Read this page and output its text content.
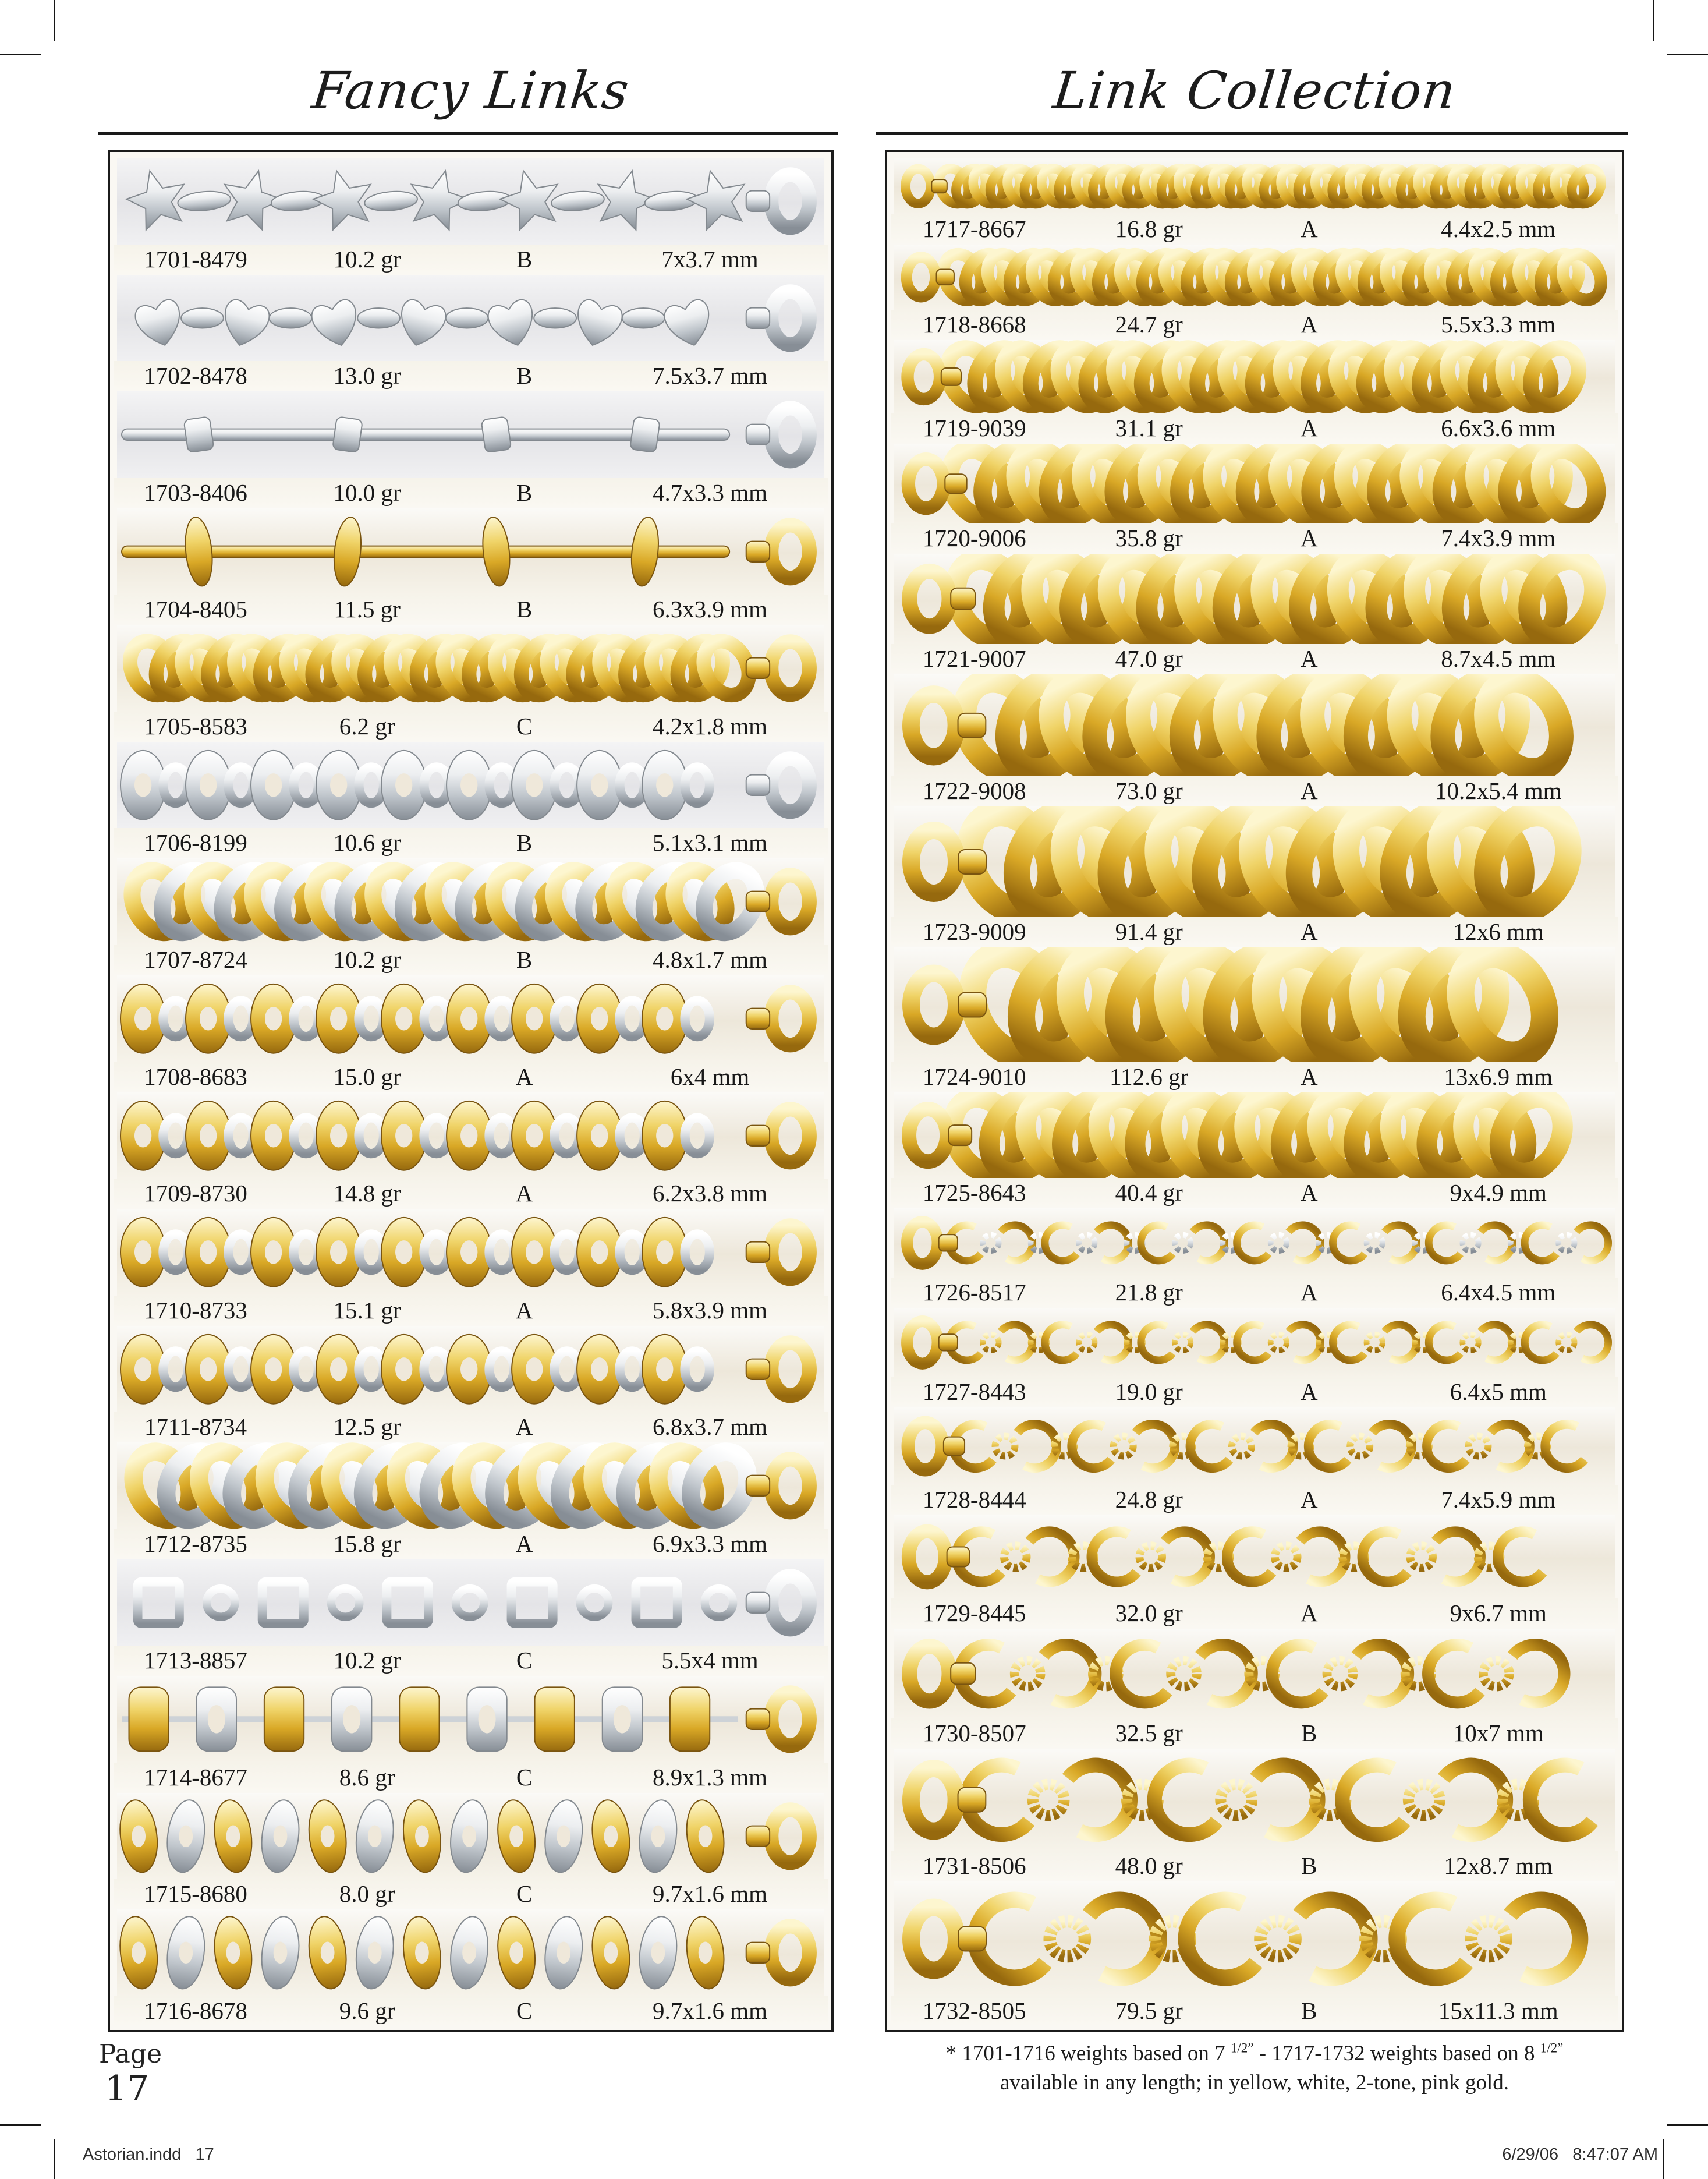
Fancy Links	Link Collection
1701-8479	10.2 gr	B	7x3.7 mm
1702-8478	13.0 gr	B	7.5x3.7 mm
1703-8406	10.0 gr	B	4.7x3.3 mm
1704-8405	11.5 gr	B	6.3x3.9 mm
1705-8583	6.2 gr	C	4.2x1.8 mm
1706-8199	10.6 gr	B	5.1x3.1 mm
1707-8724	10.2 gr	B	4.8x1.7 mm
1708-8683	15.0 gr	A	6x4 mm
1709-8730	14.8 gr	A	6.2x3.8 mm
1710-8733	15.1 gr	A	5.8x3.9 mm
1711-8734	12.5 gr	A	6.8x3.7 mm
1712-8735	15.8 gr	A	6.9x3.3 mm
1713-8857	10.2 gr	C	5.5x4 mm
1714-8677	8.6 gr	C	8.9x1.3 mm
1715-8680	8.0 gr	C	9.7x1.6 mm
1716-8678	9.6 gr	C	9.7x1.6 mm
1717-8667	16.8 gr	A	4.4x2.5 mm
1718-8668	24.7 gr	A	5.5x3.3 mm
1719-9039	31.1 gr	A	6.6x3.6 mm
1720-9006	35.8 gr	A	7.4x3.9 mm
1721-9007	47.0 gr	A	8.7x4.5 mm
1722-9008	73.0 gr	A	10.2x5.4 mm
1723-9009	91.4 gr	A	12x6 mm
1724-9010	112.6 gr	A	13x6.9 mm
1725-8643	40.4 gr	A	9x4.9 mm
1726-8517	21.8 gr	A	6.4x4.5 mm
1727-8443	19.0 gr	A	6.4x5 mm
1728-8444	24.8 gr	A	7.4x5.9 mm
1729-8445	32.0 gr	A	9x6.7 mm
1730-8507	32.5 gr	B	10x7 mm
1731-8506	48.0 gr	B	12x8.7 mm
1732-8505	79.5 gr	B	15x11.3 mm
* 1701-1716 weights based on 7 $^{1/2”}$ - 1717-1732 weights based on 8 $^{1/2”}$
available in any length; in yellow, white, 2-tone, pink gold.
Page
17
Astorian.indd   17	6/29/06   8:47:07 AM
